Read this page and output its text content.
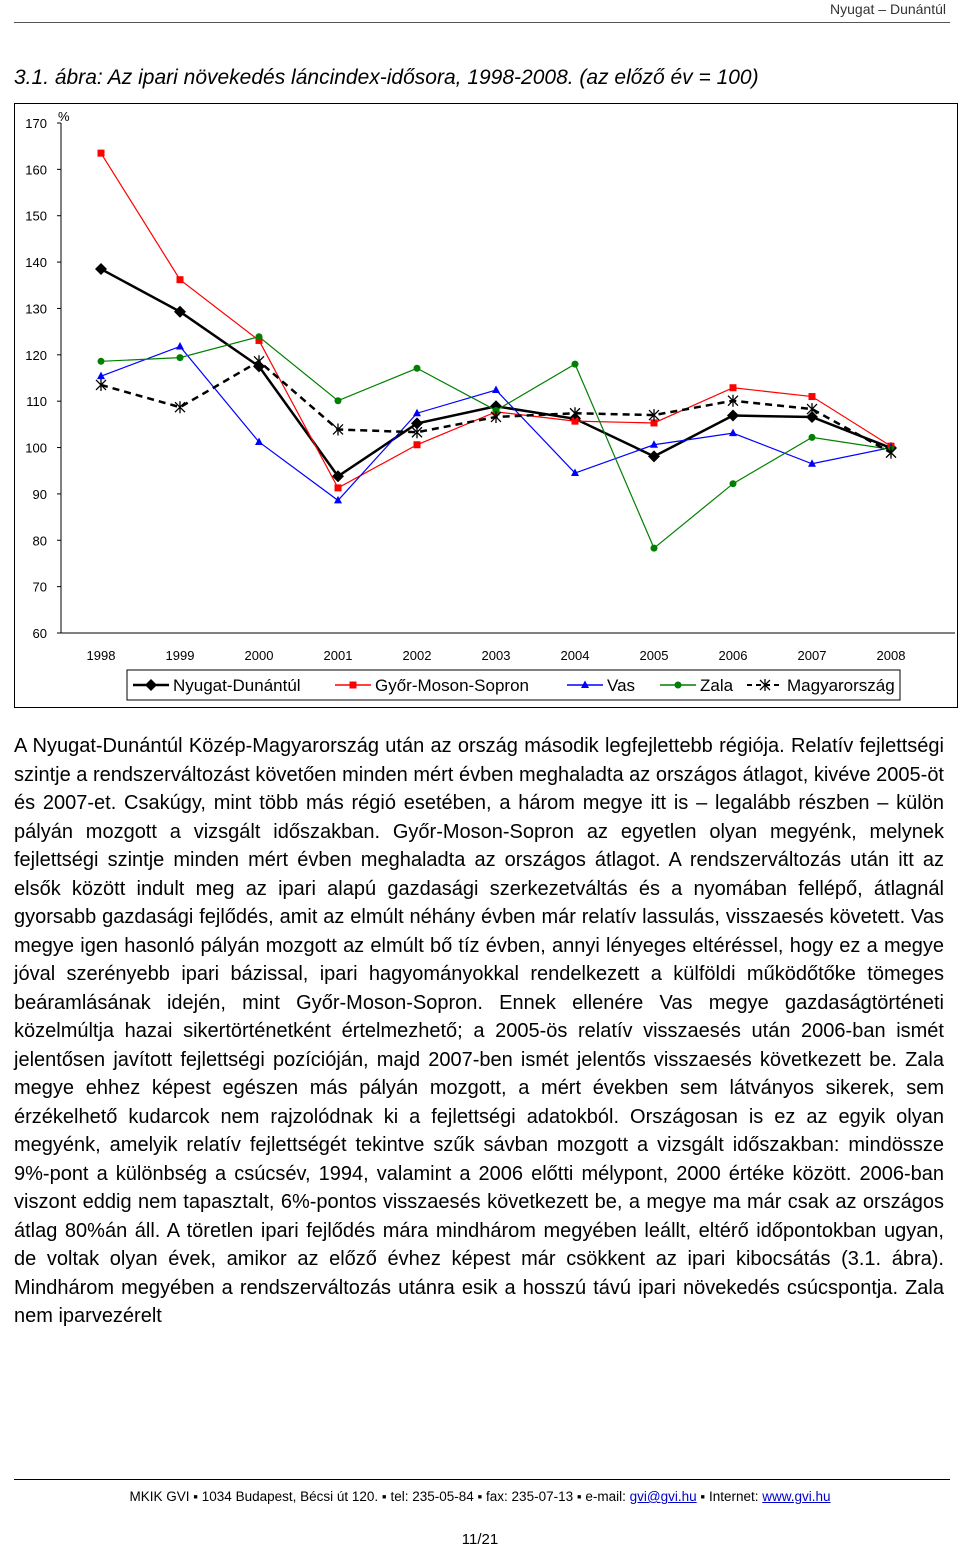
Nyugat – Dunántúl
3.1. ábra: Az ipari növekedés láncindex-idősora, 1998-2008. (az előző év = 100)
60
70
80
90
100
110
120
130
140
150
160
170 %
1998	1999	2000	2001	2002	2003	2004	2005	2006	2007	2008
Nyugat-Dunántúl	Győr-Moson-Sopron	Vas	Zala	Magyarország
A Nyugat-Dunántúl Közép-Magyarország után az ország második legfejlettebb régiója. Relatív fejlettségi szintje a rendszerváltozást követően minden mért évben meghaladta az országos átlagot, kivéve 2005-öt és 2007-et. Csakúgy, mint több más régió esetében, a három megye itt is – legalább részben – külön pályán mozgott a vizsgált időszakban. Győr-Moson-Sopron az egyetlen olyan megyénk, melynek fejlettségi szintje minden mért évben meghaladta az országos átlagot. A rendszerváltozás után itt az elsők között indult meg az ipari alapú gazdasági szerkezetváltás és a nyomában fellépő, átlagnál gyorsabb gazdasági fejlődés, amit az elmúlt néhány évben már relatív lassulás, visszaesés követett. Vas megye igen hasonló pályán mozgott az elmúlt bő tíz évben, annyi lényeges eltéréssel, hogy ez a megye jóval szerényebb ipari bázissal, ipari hagyományokkal rendelkezett a külföldi működőtőke tömeges beáramlásának idején, mint Győr-Moson-Sopron. Ennek ellenére Vas megye gazdaságtörténeti közelmúltja hazai sikertörténetként értelmezhető; a 2005-ös relatív visszaesés után 2006-ban ismét jelentősen javított fejlettségi pozícióján, majd 2007-ben ismét jelentős visszaesés következett be. Zala megye ehhez képest egészen más pályán mozgott, a mért években sem látványos sikerek, sem érzékelhető kudarcok nem rajzolódnak ki a fejlettségi adatokból. Országosan is ez az egyik olyan megyénk, amelyik relatív fejlettségét tekintve szűk sávban mozgott a vizsgált időszakban: mindössze 9%-pont a különbség a csúcsév, 1994, valamint a 2006 előtti mélypont, 2000 értéke között. 2006-ban viszont eddig nem tapasztalt, 6%-pontos visszaesés következett be, a megye ma már csak az országos átlag 80%án áll. A töretlen ipari fejlődés mára mindhárom megyében leállt, eltérő időpontokban ugyan, de voltak olyan évek, amikor az előző évhez képest már csökkent az ipari kibocsátás (3.1. ábra). Mindhárom megyében a rendszerváltozás utánra esik a hosszú távú ipari növekedés csúcspontja. Zala nem iparvezérelt
MKIK GVI ▪ 1034 Budapest, Bécsi út 120. ▪ tel: 235-05-84 ▪ fax: 235-07-13 ▪ e-mail: gvi@gvi.hu ▪ Internet: www.gvi.hu
11/21
